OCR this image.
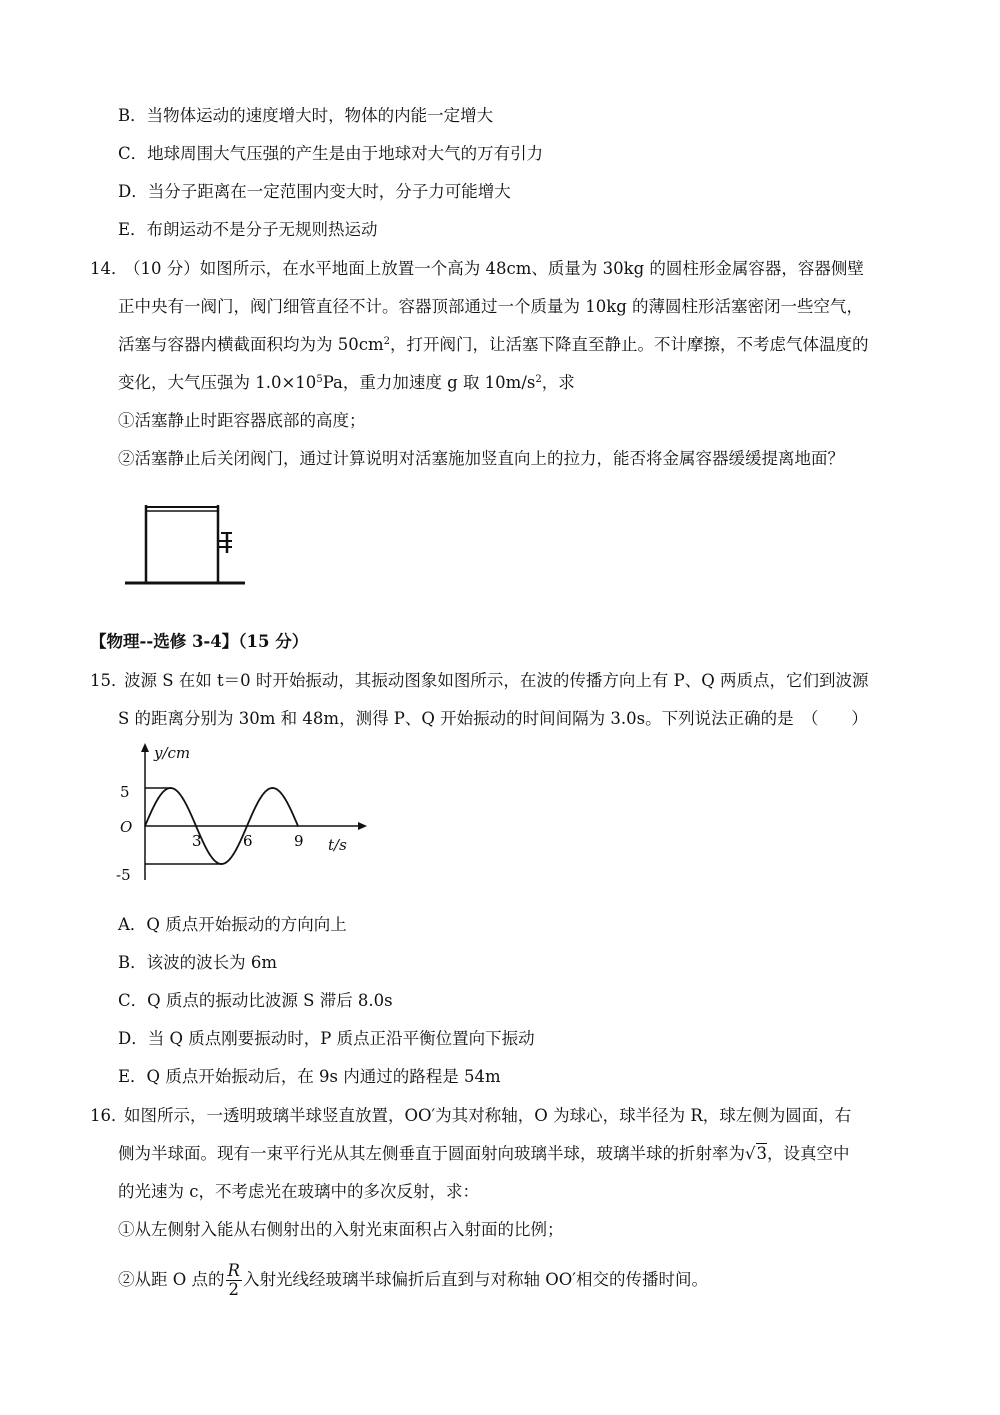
B．当物体运动的速度增大时，物体的内能一定增大
C．地球周围大气压强的产生是由于地球对大气的万有引力
D．当分子距离在一定范围内变大时，分子力可能增大
E．布朗运动不是分子无规则热运动
14．
（10 分）如图所示，在水平地面上放置一个高为 48cm、质量为 30kg 的圆柱形金属容器，容器侧壁
正中央有一阀门，阀门细管直径不计。容器顶部通过一个质量为 10kg 的薄圆柱形活塞密闭一些空气，
活塞与容器内横截面积均为为 $50cm^2$，打开阀门，让活塞下降直至静止。不计摩擦，不考虑气体温度的
变化，大气压强为 $1.0\times 10^5Pa$，重力加速度 g 取 $10m/s^2$，求
①活塞静止时距容器底部的高度；
②活塞静止后关闭阀门，通过计算说明对活塞施加竖直向上的拉力，能否将金属容器缓缓提离地面？
【物理--选修 3-4】（15 分）
15．
波源 S 在如 t＝0 时开始振动，其振动图象如图所示，在波的传播方向上有 P、Q 两质点，它们到波源
S 的距离分别为 30m 和 48m，测得 P、Q 开始振动的时间间隔为 3.0s。下列说法正确的是　（　　）
y/cm
t/s
O
5
-5
3	6	9
A．Q 质点开始振动的方向向上
B．该波的波长为 6m
C．Q 质点的振动比波源 S 滞后 8.0s
D．当 Q 质点刚要振动时，P 质点正沿平衡位置向下振动
E．Q 质点开始振动后，在 9s 内通过的路程是 54m
16．
如图所示，一透明玻璃半球竖直放置，OO′为其对称轴，O 为球心，球半径为 R，球左侧为圆面，右
侧为半球面。现有一束平行光从其左侧垂直于圆面射向玻璃半球，玻璃半球的折射率为√3，设真空中
的光速为 c，不考虑光在玻璃中的多次反射，求：
①从左侧射入能从右侧射出的入射光束面积占入射面的比例；
②从距 O 点的 $\frac{R}{2}$ 入射光线经玻璃半球偏折后直到与对称轴 OO′相交的传播时间。
